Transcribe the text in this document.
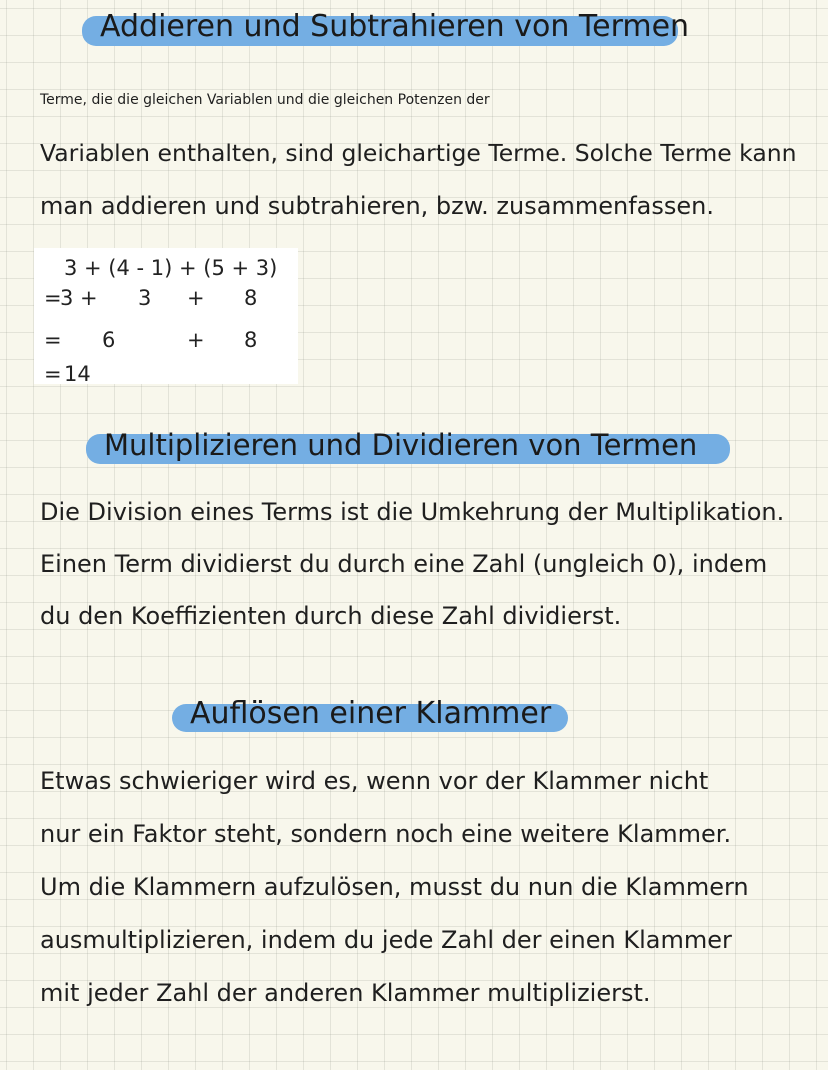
Addieren und Subtrahieren von Termen
Terme, die die gleichen Variablen und die gleichen Potenzen der
Variablen enthalten, sind gleichartige Terme. Solche Terme kann
man addieren und subtrahieren, bzw. zusammenfassen.
3 + (4 - 1) + (5 + 3)
=
3 + 3 + 8
= 6	+ 8
= 14
Multiplizieren und Dividieren von Termen
Die Division eines Terms ist die Umkehrung der Multiplikation.
Einen Term dividierst du durch eine Zahl (ungleich 0), indem
du den Koeffizienten durch diese Zahl dividierst.
Auflösen einer Klammer
Etwas schwieriger wird es, wenn vor der Klammer nicht
nur ein Faktor steht, sondern noch eine weitere Klammer.
Um die Klammern aufzulösen, musst du nun die Klammern
ausmultiplizieren, indem du jede Zahl der einen Klammer
mit jeder Zahl der anderen Klammer multiplizierst.
